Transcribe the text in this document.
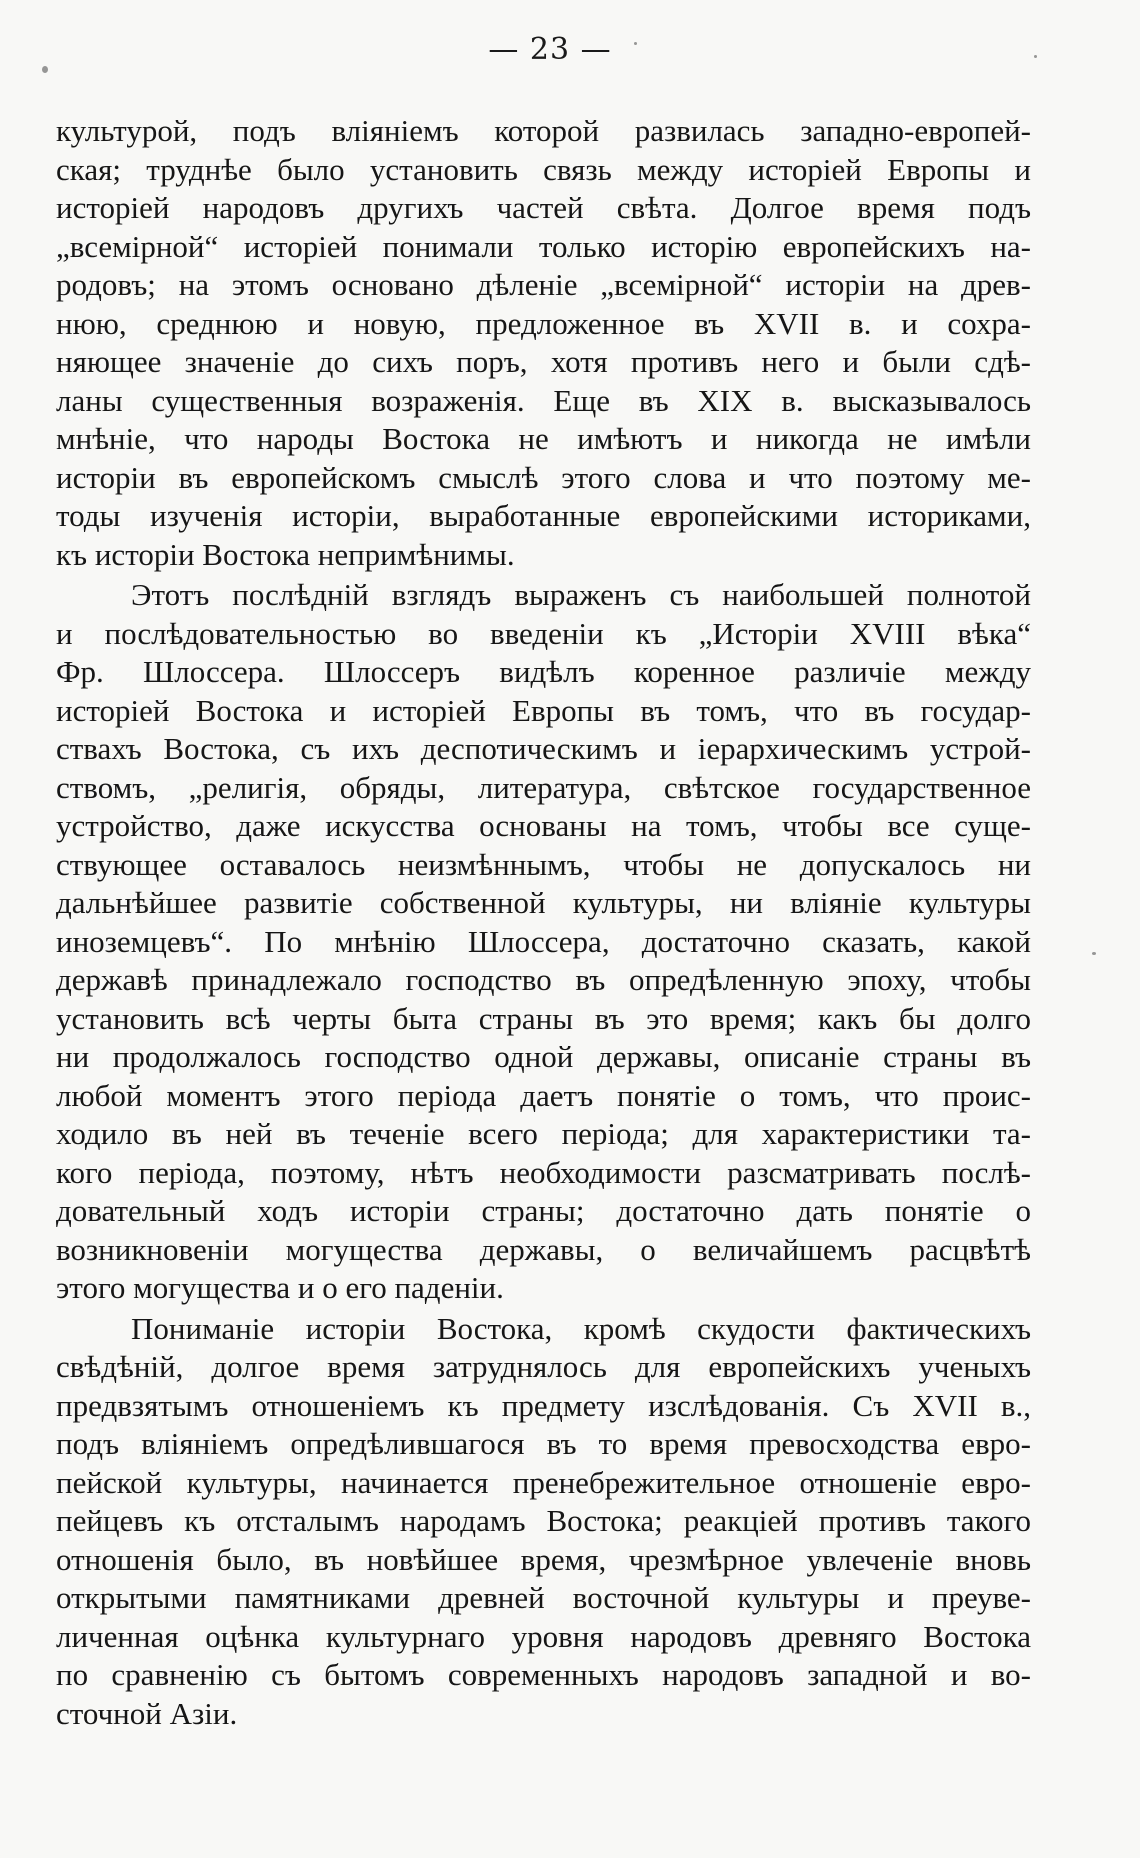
— 23 —
культурой, подъ вліяніемъ которой развилась западно-европей-
ская; труднѣе было установить связь между исторіей Европы и
исторіей народовъ другихъ частей свѣта. Долгое время подъ
„всемірной“ исторіей понимали только исторію европейскихъ на-
родовъ; на этомъ основано дѣленіе „всемірной“ исторіи на древ-
нюю, среднюю и новую, предложенное въ XVII в. и сохра-
няющее значеніе до сихъ поръ, хотя противъ него и были сдѣ-
ланы существенныя возраженія. Еще въ XIX в. высказывалось
мнѣніе, что народы Востока не имѣютъ и никогда не имѣли
исторіи въ европейскомъ смыслѣ этого слова и что поэтому ме-
тоды изученія исторіи, выработанные европейскими историками,
къ исторіи Востока непримѣнимы.
Этотъ послѣдній взглядъ выраженъ съ наибольшей полнотой
и послѣдовательностью во введеніи къ „Исторіи XVIII вѣка“
Фр. Шлоссера. Шлоссеръ видѣлъ коренное различіе между
исторіей Востока и исторіей Европы въ томъ, что въ государ-
ствахъ Востока, съ ихъ деспотическимъ и іерархическимъ устрой-
ствомъ, „религія, обряды, литература, свѣтское государственное
устройство, даже искусства основаны на томъ, чтобы все суще-
ствующее оставалось неизмѣннымъ, чтобы не допускалось ни
дальнѣйшее развитіе собственной культуры, ни вліяніе культуры
иноземцевъ“. По мнѣнію Шлоссера, достаточно сказать, какой
державѣ принадлежало господство въ опредѣленную эпоху, чтобы
установить всѣ черты быта страны въ это время; какъ бы долго
ни продолжалось господство одной державы, описаніе страны въ
любой моментъ этого періода даетъ понятіе о томъ, что проис-
ходило въ ней въ теченіе всего періода; для характеристики та-
кого періода, поэтому, нѣтъ необходимости разсматривать послѣ-
довательный ходъ исторіи страны; достаточно дать понятіе о
возникновеніи могущества державы, о величайшемъ расцвѣтѣ
этого могущества и о его паденіи.
Пониманіе исторіи Востока, кромѣ скудости фактическихъ
свѣдѣній, долгое время затруднялось для европейскихъ ученыхъ
предвзятымъ отношеніемъ къ предмету изслѣдованія. Съ XVII в.,
подъ вліяніемъ опредѣлившагося въ то время превосходства евро-
пейской культуры, начинается пренебрежительное отношеніе евро-
пейцевъ къ отсталымъ народамъ Востока; реакціей противъ такого
отношенія было, въ новѣйшее время, чрезмѣрное увлеченіе вновь
открытыми памятниками древней восточной культуры и преуве-
личенная оцѣнка культурнаго уровня народовъ древняго Востока
по сравненію съ бытомъ современныхъ народовъ западной и во-
сточной Азіи.
